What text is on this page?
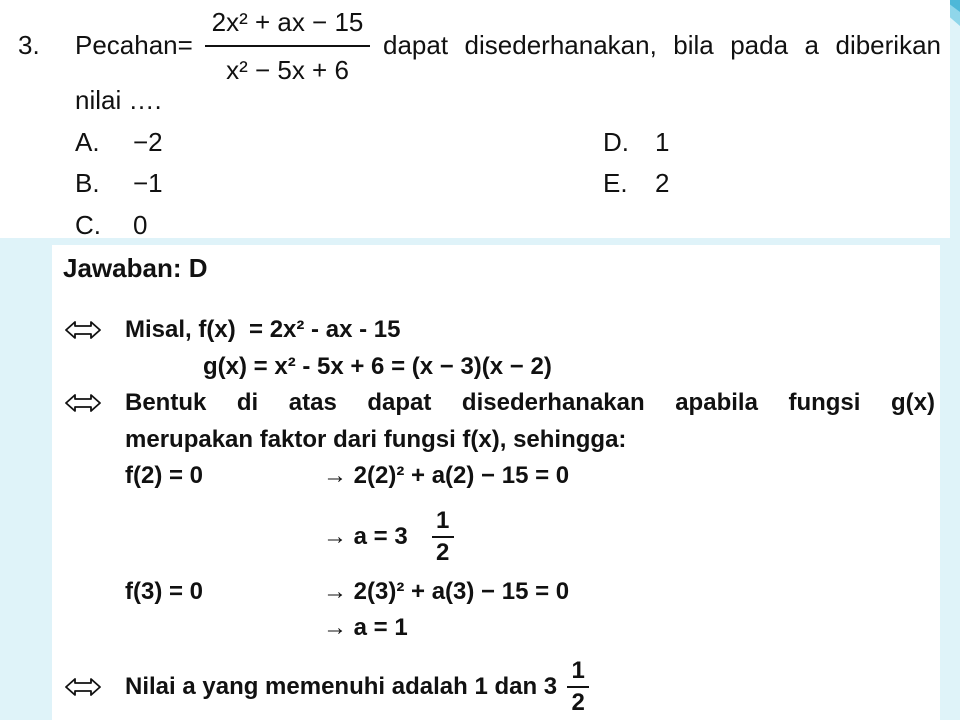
3. Pecahan=
2x² + ax − 15
x² − 5x + 6
dapat disederhanakan, bila pada a diberikan
nilai ….
A. −2
B. −1
C. 0
D. 1
E. 2
Jawaban: D
Misal, f(x)  = 2x² - ax - 15
g(x) = x² - 5x + 6 = (x − 3)(x − 2)
Bentuk di atas dapat disederhanakan apabila fungsi g(x)
merupakan faktor dari fungsi f(x), sehingga:
f(2) = 0	→ 2(2)² + a(2) − 15 = 0
→ $a = 3 \frac{1}{2}$
f(3) = 0	→ 2(3)² + a(3) − 15 = 0
→ a = 1
Nilai a yang memenuhi adalah 1 dan $3 \frac{1}{2}$
